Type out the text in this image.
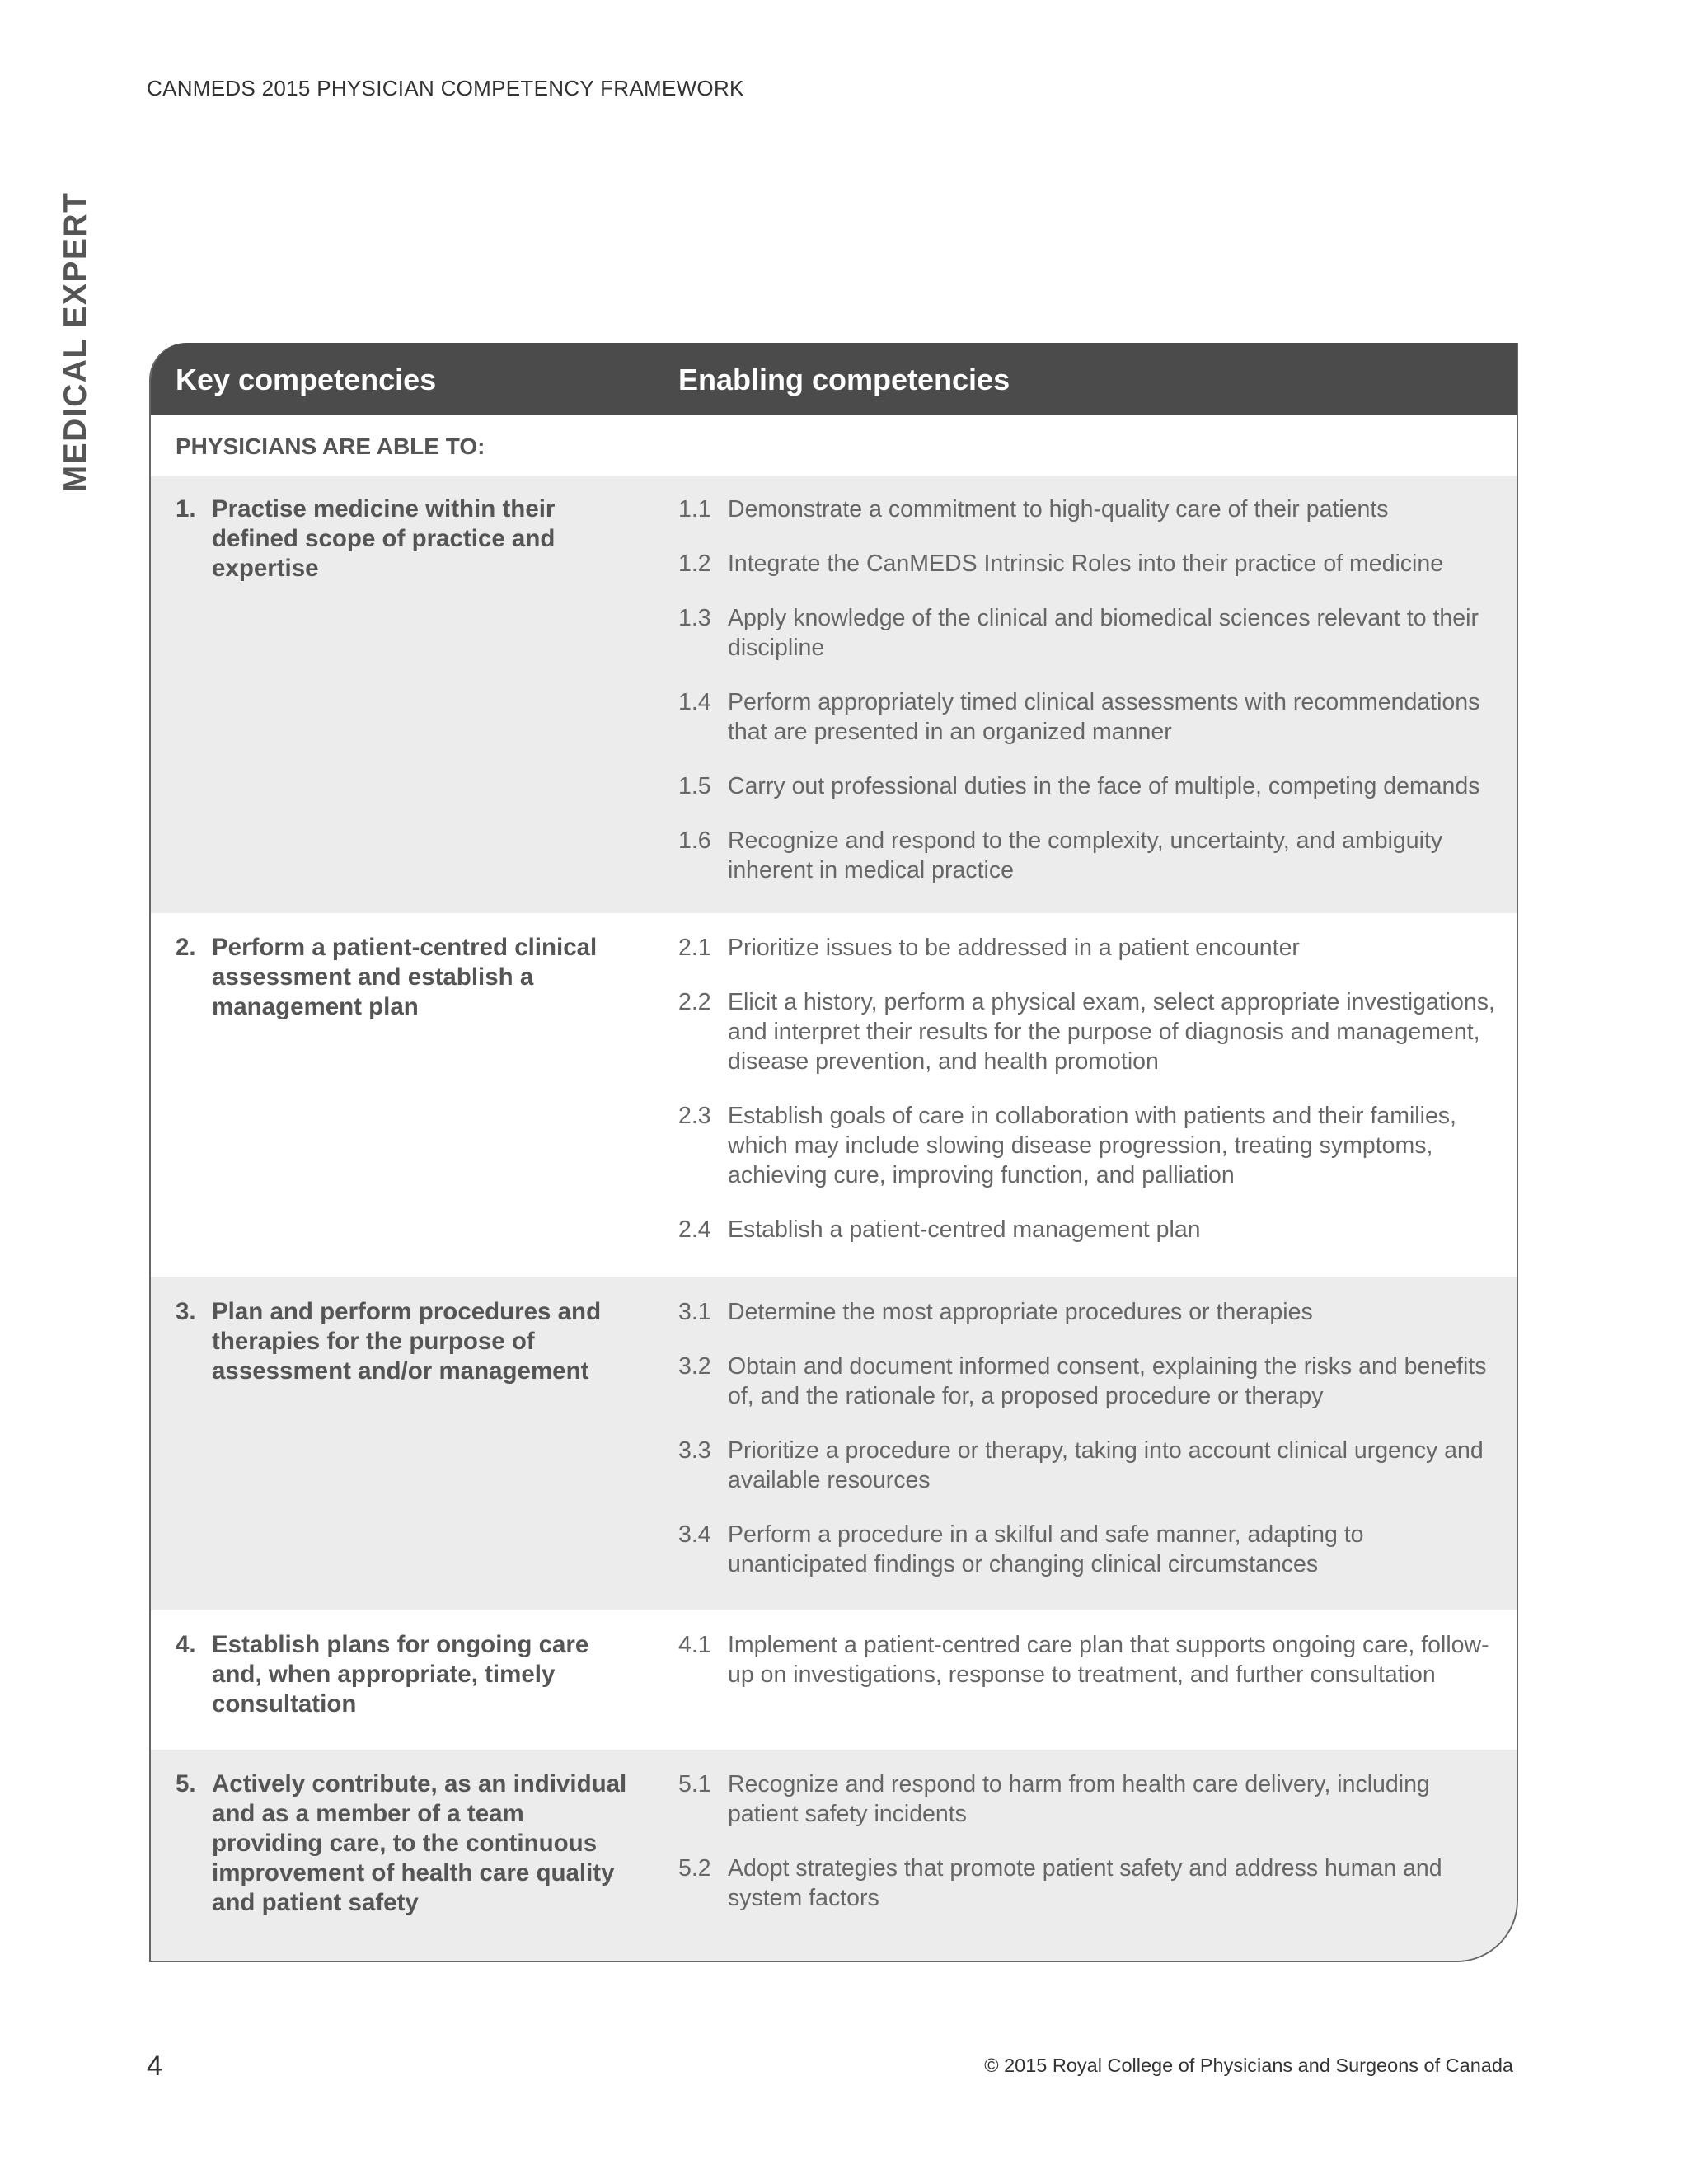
CANMEDS 2015 PHYSICIAN COMPETENCY FRAMEWORK
MEDICAL EXPERT	Key competencies	Enabling competencies
PHYSICIANS ARE ABLE TO:
1. Practise medicine within their defined scope of practice and expertise
1.1 Demonstrate a commitment to high-quality care of their patients
1.2 Integrate the CanMEDS Intrinsic Roles into their practice of medicine
1.3 Apply knowledge of the clinical and biomedical sciences relevant to their discipline
1.4 Perform appropriately timed clinical assessments with recommendations that are presented in an organized manner
1.5 Carry out professional duties in the face of multiple, competing demands
1.6 Recognize and respond to the complexity, uncertainty, and ambiguity inherent in medical practice
2. Perform a patient-centred clinical assessment and establish a management plan
2.1 Prioritize issues to be addressed in a patient encounter
2.2 Elicit a history, perform a physical exam, select appropriate investigations, and interpret their results for the purpose of diagnosis and management, disease prevention, and health promotion
2.3 Establish goals of care in collaboration with patients and their families, which may include slowing disease progression, treating symptoms, achieving cure, improving function, and palliation
2.4 Establish a patient-centred management plan
3. Plan and perform procedures and therapies for the purpose of assessment and/or management
3.1 Determine the most appropriate procedures or therapies
3.2 Obtain and document informed consent, explaining the risks and benefits of, and the rationale for, a proposed procedure or therapy
3.3 Prioritize a procedure or therapy, taking into account clinical urgency and available resources
3.4 Perform a procedure in a skilful and safe manner, adapting to unanticipated findings or changing clinical circumstances
4. Establish plans for ongoing care and, when appropriate, timely consultation
4.1 Implement a patient-centred care plan that supports ongoing care, follow-up on investigations, response to treatment, and further consultation
5. Actively contribute, as an individual and as a member of a team providing care, to the continuous improvement of health care quality and patient safety
5.1 Recognize and respond to harm from health care delivery, including patient safety incidents
5.2 Adopt strategies that promote patient safety and address human and system factors
4	© 2015 Royal College of Physicians and Surgeons of Canada
